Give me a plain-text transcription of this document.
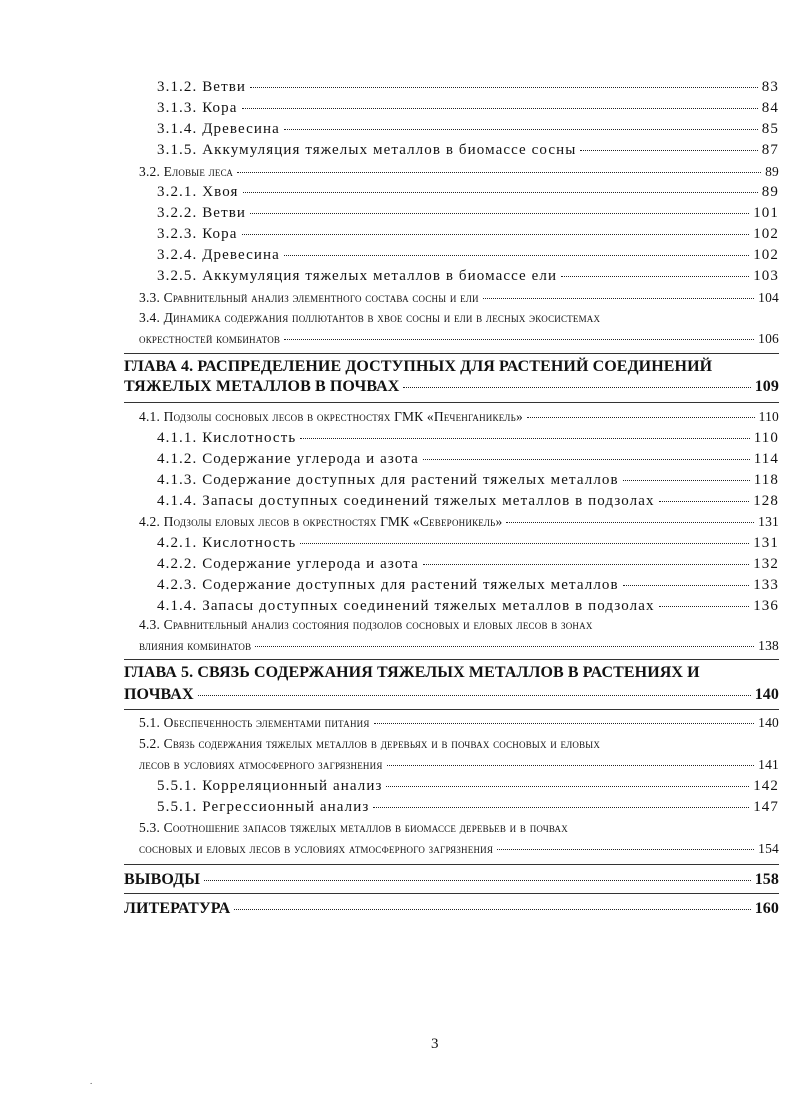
3.1.2. Ветви	83
3.1.3. Кора	84
3.1.4. Древесина	85
3.1.5. Аккумуляция тяжелых металлов в биомассе сосны	87
3.2. Еловые леса	89
3.2.1. Хвоя	89
3.2.2. Ветви	101
3.2.3. Кора	102
3.2.4. Древесина	102
3.2.5. Аккумуляция тяжелых металлов в биомассе ели	103
3.3. Сравнительный анализ элементного состава сосны и ели	104
3.4. Динамика содержания поллютантов в хвое сосны и ели в лесных экосистемах
окрестностей комбинатов	106
ГЛАВА 4. РАСПРЕДЕЛЕНИЕ ДОСТУПНЫХ ДЛЯ РАСТЕНИЙ СОЕДИНЕНИЙ
ТЯЖЕЛЫХ МЕТАЛЛОВ В ПОЧВАХ	109
4.1. Подзолы сосновых лесов в окрестностях ГМК «Печенганикель»	110
4.1.1. Кислотность	110
4.1.2. Содержание углерода и азота	114
4.1.3. Содержание доступных для растений тяжелых металлов	118
4.1.4. Запасы доступных соединений тяжелых металлов в подзолах	128
4.2. Подзолы еловых лесов в окрестностях ГМК «Североникель»	131
4.2.1. Кислотность	131
4.2.2. Содержание углерода и азота	132
4.2.3. Содержание доступных для растений тяжелых металлов	133
4.1.4. Запасы доступных соединений тяжелых металлов в подзолах	136
4.3. Сравнительный анализ состояния подзолов сосновых и еловых лесов в зонах
влияния комбинатов	138
ГЛАВА 5. СВЯЗЬ СОДЕРЖАНИЯ ТЯЖЕЛЫХ МЕТАЛЛОВ В РАСТЕНИЯХ И
ПОЧВАХ	140
5.1. Обеспеченность элементами питания	140
5.2. Связь содержания тяжелых металлов в деревьях и в почвах сосновых и еловых
лесов в условиях атмосферного загрязнения	141
5.5.1. Корреляционный анализ	142
5.5.1. Регрессионный анализ	147
5.3. Соотношение запасов тяжелых металлов в биомассе деревьев и в почвах
сосновых и еловых лесов в условиях атмосферного загрязнения	154
ВЫВОДЫ	158
ЛИТЕРАТУРА	160
3
.
